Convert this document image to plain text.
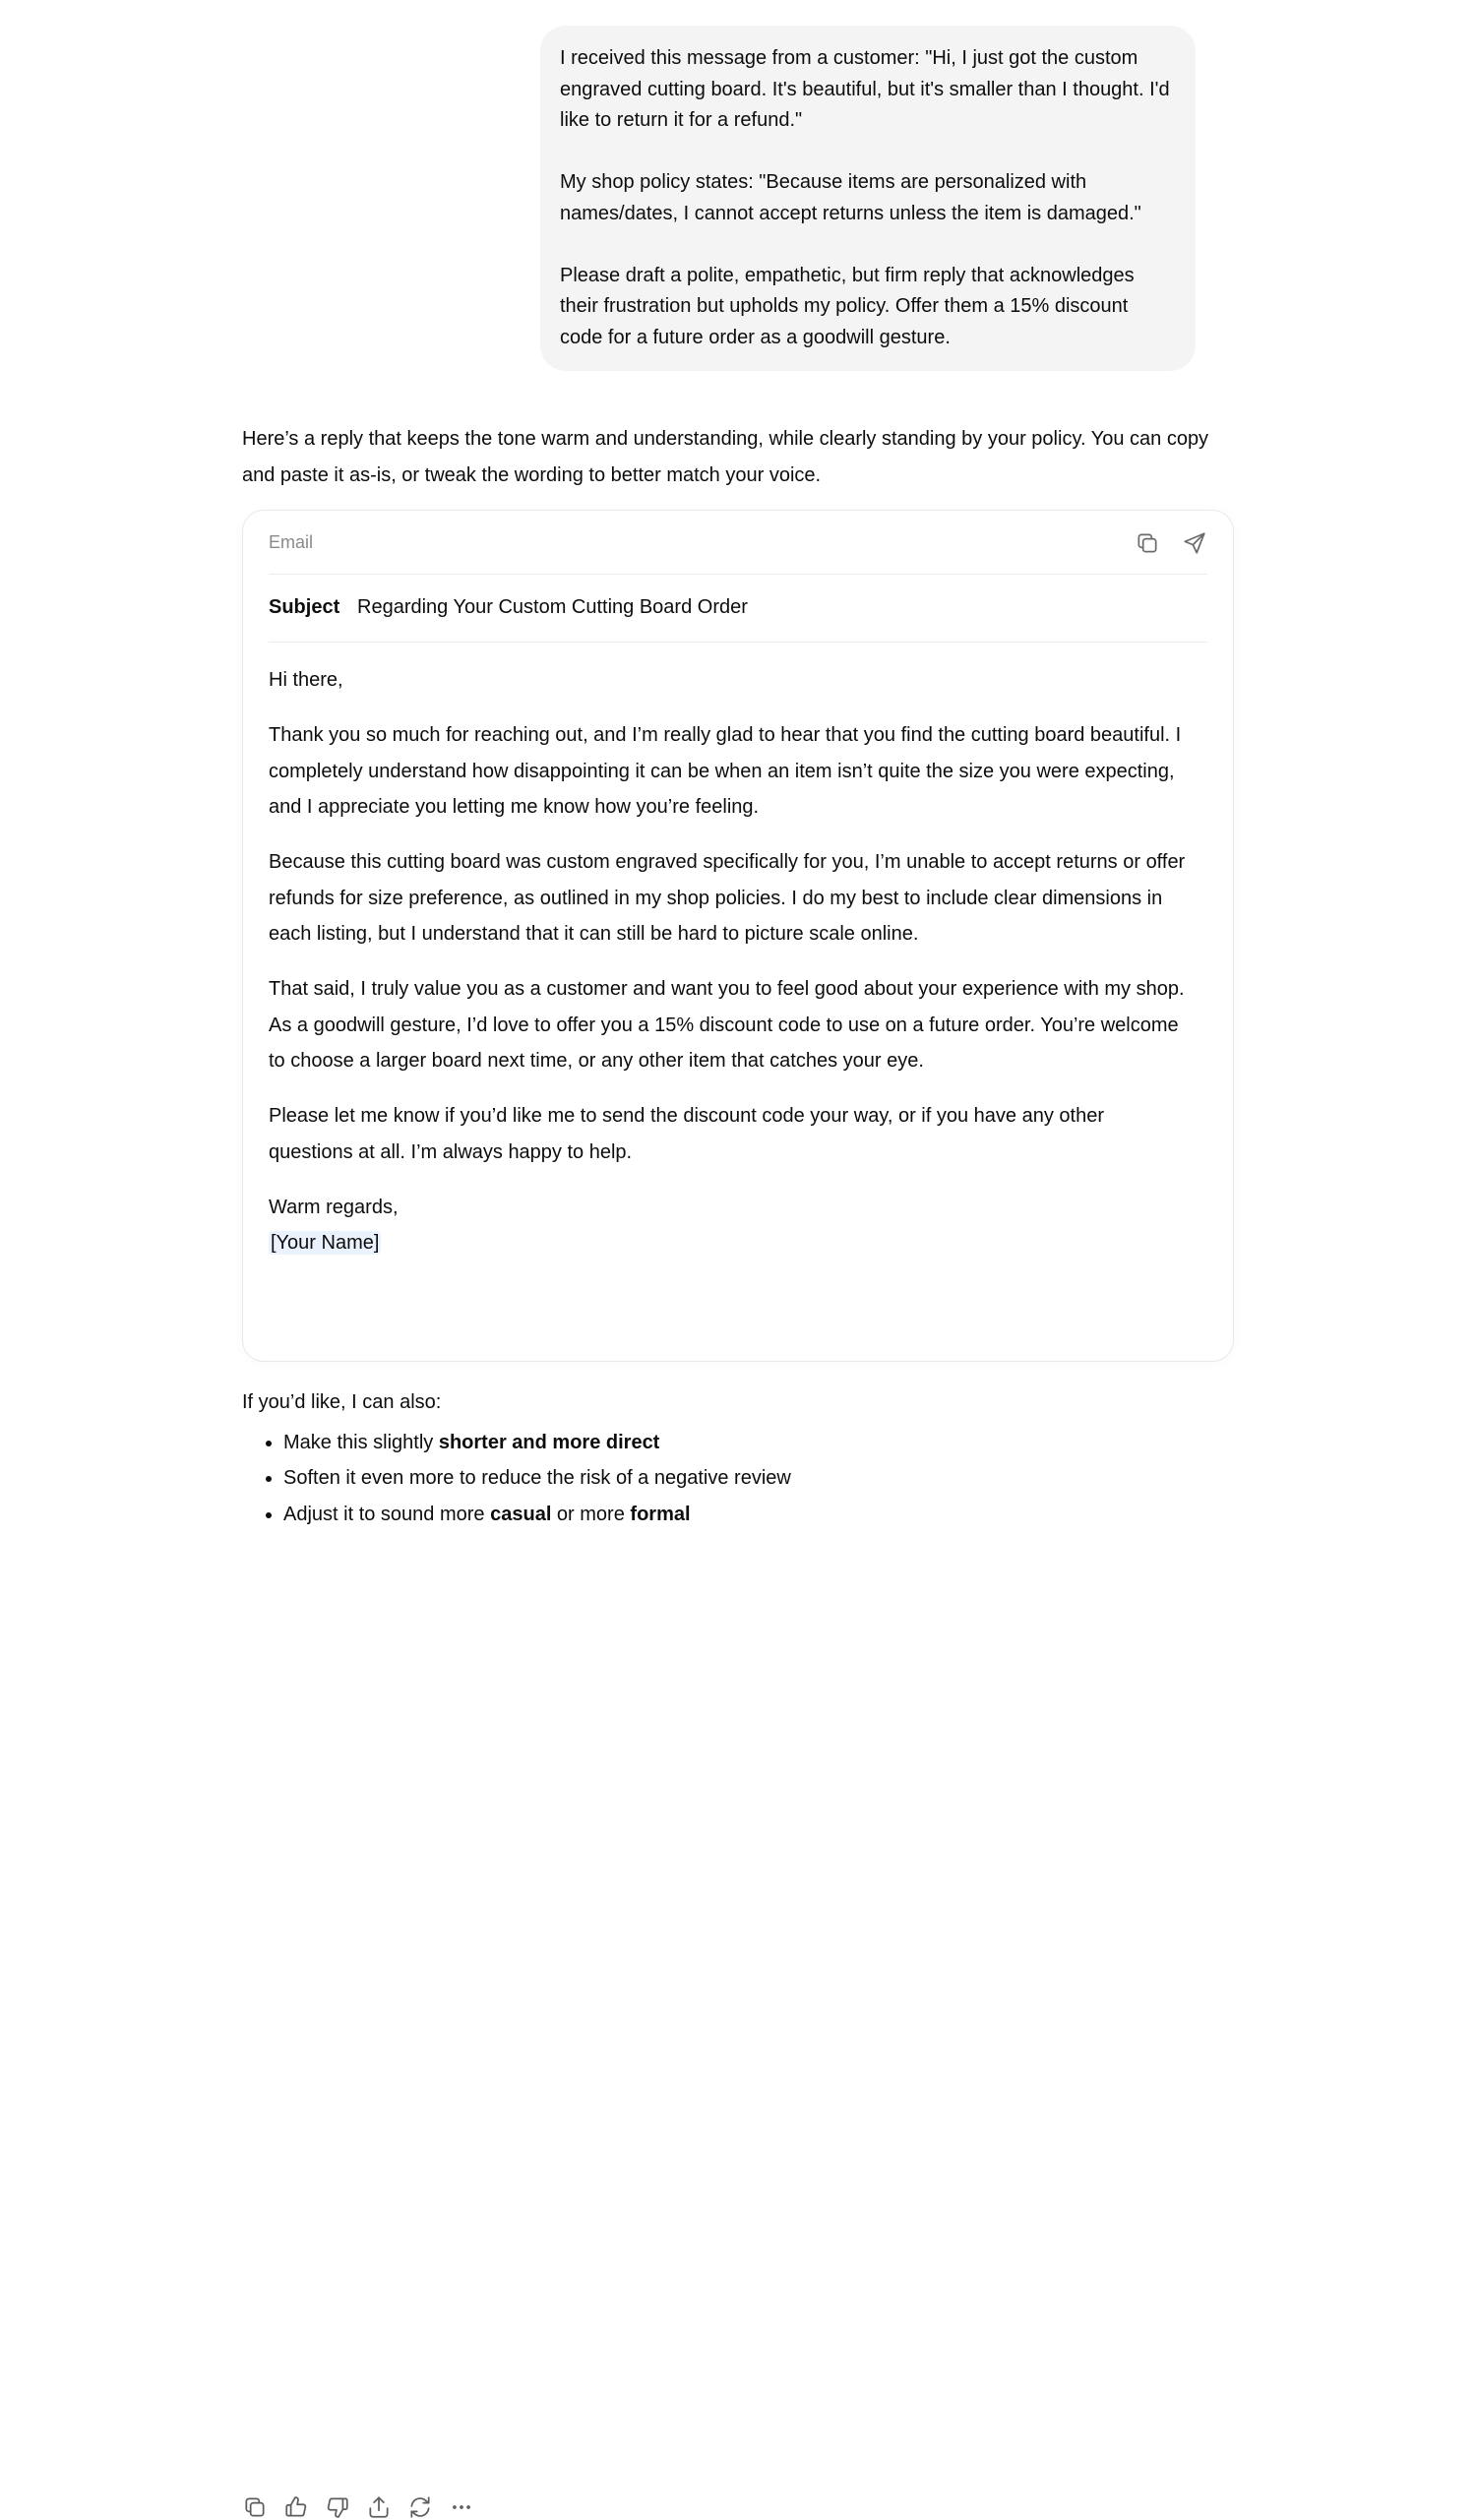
I received this message from a customer: "Hi, I just got the custom engraved cutting board. It's beautiful, but it's smaller than I thought. I'd like to return it for a refund."

My shop policy states: "Because items are personalized with names/dates, I cannot accept returns unless the item is damaged."

Please draft a polite, empathetic, but firm reply that acknowledges their frustration but upholds my policy. Offer them a 15% discount code for a future order as a goodwill gesture.

Here’s a reply that keeps the tone warm and understanding, while clearly standing by your policy. You can copy and paste it as-is, or tweak the wording to better match your voice.

Email
Subject Regarding Your Custom Cutting Board Order

Hi there,

Thank you so much for reaching out, and I’m really glad to hear that you find the cutting board beautiful. I completely understand how disappointing it can be when an item isn’t quite the size you were expecting, and I appreciate you letting me know how you’re feeling.

Because this cutting board was custom engraved specifically for you, I’m unable to accept returns or offer refunds for size preference, as outlined in my shop policies. I do my best to include clear dimensions in each listing, but I understand that it can still be hard to picture scale online.

That said, I truly value you as a customer and want you to feel good about your experience with my shop. As a goodwill gesture, I’d love to offer you a 15% discount code to use on a future order. You’re welcome to choose a larger board next time, or any other item that catches your eye.

Please let me know if you’d like me to send the discount code your way, or if you have any other questions at all. I’m always happy to help.

Warm regards,

[Your Name]

If you’d like, I can also:

• Make this slightly shorter and more direct
• Soften it even more to reduce the risk of a negative review
• Adjust it to sound more casual or more formal
